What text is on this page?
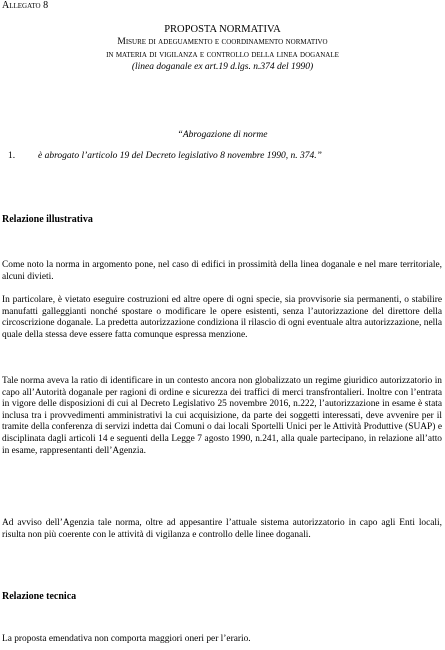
Allegato 8
PROPOSTA NORMATIVA
Misure di adeguamento e coordinamento normativo
in materia di vigilanza e controllo della linea doganale
(linea doganale ex art.19 d.lgs. n.374 del 1990)
“Abrogazione di norme
1. è abrogato l’articolo 19 del Decreto legislativo 8 novembre 1990, n. 374.”
Relazione illustrativa
Come noto la norma in argomento pone, nel caso di edifici in prossimità della linea doganale e nel mare territoriale, alcuni divieti.
In particolare, è vietato eseguire costruzioni ed altre opere di ogni specie, sia provvisorie sia permanenti, o stabilire manufatti galleggianti nonché spostare o modificare le opere esistenti, senza l’autorizzazione del direttore della circoscrizione doganale. La predetta autorizzazione condiziona il rilascio di ogni eventuale altra autorizzazione, nella quale della stessa deve essere fatta comunque espressa menzione.
Tale norma aveva la ratio di identificare in un contesto ancora non globalizzato un regime giuridico autorizzatorio in capo all’Autorità doganale per ragioni di ordine e sicurezza dei traffici di merci transfrontalieri. Inoltre con l’entrata in vigore delle disposizioni di cui al Decreto Legislativo 25 novembre 2016, n.222, l’autorizzazione in esame è stata inclusa tra i provvedimenti amministrativi la cui acquisizione, da parte dei soggetti interessati, deve avvenire per il tramite della conferenza di servizi indetta dai Comuni o dai locali Sportelli Unici per le Attività Produttive (SUAP) e disciplinata dagli articoli 14 e seguenti della Legge 7 agosto 1990, n.241, alla quale partecipano, in relazione all’atto in esame, rappresentanti dell’Agenzia.
Ad avviso dell’Agenzia tale norma, oltre ad appesantire l’attuale sistema autorizzatorio in capo agli Enti locali, risulta non più coerente con le attività di vigilanza e controllo delle linee doganali.
Relazione tecnica
La proposta emendativa non comporta maggiori oneri per l’erario.
